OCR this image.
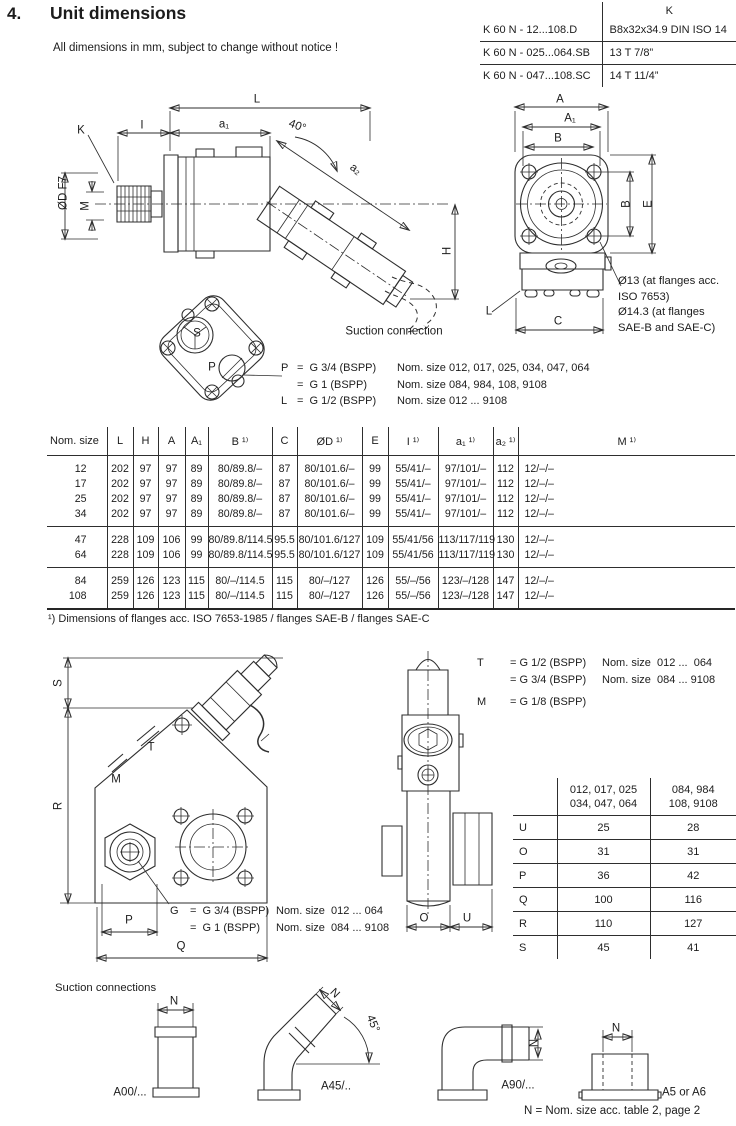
4. Unit dimensions
All dimensions in mm, subject to change without notice !
	K
K 60 N - 12...108.D	B8x32x34.9 DIN ISO 14
K 60 N - 025...064.SB	13 T 7/8”
K 60 N - 047...108.SC	14 T 11/4”
L
I	a₁	40°
a₂
K
ØD F7 M
H
S
P
Suction connection
A
A₁
B
B E
C
L
Ø13 (at flanges acc.
ISO 7653)
Ø14.3 (at flanges
SAE-B and SAE-C)
P =  G 3/4 (BSPP)	Nom. size 012, 017, 025, 034, 047, 064
=  G 1 (BSPP)	Nom. size 084, 984, 108, 9108
L =  G 1/2 (BSPP)	Nom. size 012 ... 9108
Nom. size	L	H	A	A₁	B ¹⁾	C	ØD ¹⁾	E	I ¹⁾	a₁ ¹⁾	a₂ ¹⁾	M ¹⁾
12	202	97	97	89	80/89.8/–	87	80/101.6/–	99	55/41/–	97/101/–	112	12/–/–
17	202	97	97	89	80/89.8/–	87	80/101.6/–	99	55/41/–	97/101/–	112	12/–/–
25	202	97	97	89	80/89.8/–	87	80/101.6/–	99	55/41/–	97/101/–	112	12/–/–
34	202	97	97	89	80/89.8/–	87	80/101.6/–	99	55/41/–	97/101/–	112	12/–/–
47	228	109	106	99	80/89.8/114.5	95.5	80/101.6/127	109	55/41/56	113/117/119	130	12/–/–
64	228	109	106	99	80/89.8/114.5	95.5	80/101.6/127	109	55/41/56	113/117/119	130	12/–/–
84	259	126	123	115	80/–/114.5	115	80/–/127	126	55/–/56	123/–/128	147	12/–/–
108	259	126	123	115	80/–/114.5	115	80/–/127	126	55/–/56	123/–/128	147	12/–/–
¹) Dimensions of flanges acc. ISO 7653-1985 / flanges SAE-B / flanges SAE-C
S
R
T
M
P
Q
O	U
T	= G 1/2 (BSPP)	Nom. size  012 ...  064
= G 3/4 (BSPP)	Nom. size  084 ... 9108
M	= G 1/8 (BSPP)
G	=  G 3/4 (BSPP) Nom. size  012 ... 064
=  G 1 (BSPP)	Nom. size  084 ... 9108

012, 017, 025
034, 047, 064

084, 984
108, 9108

U	25	28
O	31	31
P	36	42
Q	100	116
R	110	127
S	45	41
Suction connections
N
A00/...
N
45°
A45/..
N
A90/...
N
A5 or A6
N = Nom. size acc. table 2, page 2
